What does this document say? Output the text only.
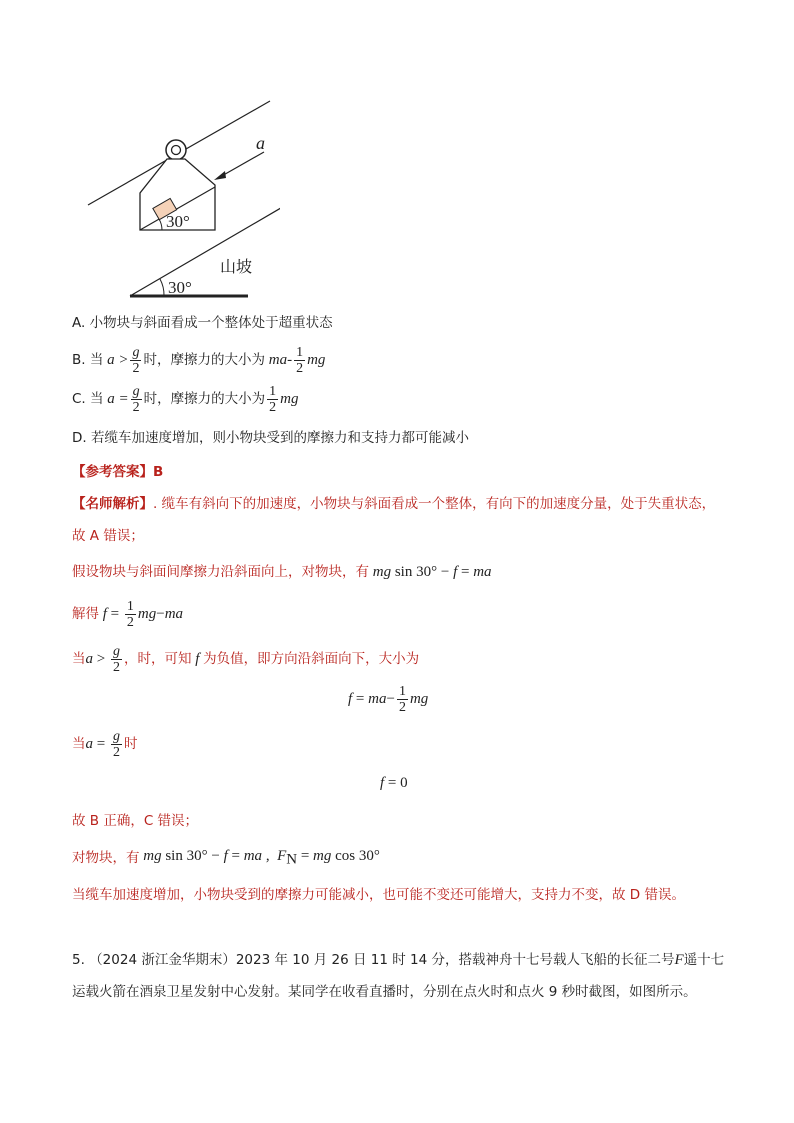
30°
a
30°
山坡
A. 小物块与斜面看成一个整体处于超重状态
B. 当 $a > \frac{g}{2}$ 时，摩擦力的大小为 $ma- \frac{1}{2}$ mg
C. 当 $a = \frac{g}{2}$ 时，摩擦力的大小为 $\frac{1}{2}$ mg
D. 若缆车加速度增加，则小物块受到的摩擦力和支持力都可能减小
【参考答案】B
【名师解析】. 缆车有斜向下的加速度，小物块与斜面看成一个整体，有向下的加速度分量，处于失重状态，
故 A 错误；
假设物块与斜面间摩擦力沿斜面向上，对物块，有 mg sin 30° − f = ma
解得 $f = \frac{1}{2}$ mg − ma
当 $a > \frac{g}{2}$ ，时，可知 f 为负值，即方向沿斜面向下，大小为
f = ma − $\frac{1}{2}$ mg
当 $a = \frac{g}{2}$ 时
f = 0
故 B 正确，C 错误；
对物块，有 mg sin 30° − f = ma ,  $F_N$ = mg cos 30°
当缆车加速度增加，小物块受到的摩擦力可能减小，也可能不变还可能增大，支持力不变，故 D 错误。
5. （2024 浙江金华期末）2023 年 10 月 26 日 11 时 14 分，搭载神舟十七号载人飞船的长征二号F遥十七
运载火箭在酒泉卫星发射中心发射。某同学在收看直播时，分别在点火时和点火 9 秒时截图，如图所示。
